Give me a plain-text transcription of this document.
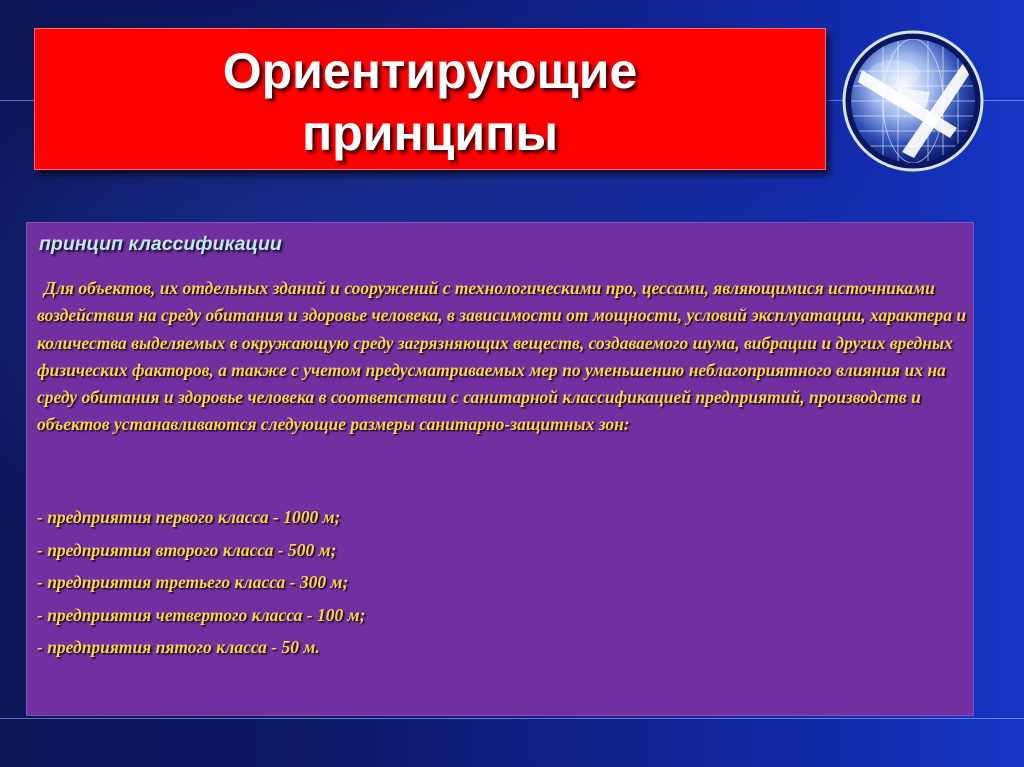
Ориентирующие
принципы
принцип классификации

Для объектов, их отдельных зданий и сооружений с технологическими про, цессами, являющимися источниками воздействия на среду обитания и здоровье человека, в зависимости от мощности, условий эксплуатации, характера и количества выделяемых в окружающую среду загрязняющих веществ, создаваемого шума, вибрации и других вредных физических факторов, а также с учетом предусматриваемых мер по уменьшению неблагоприятного влияния их на среду обитания и здоровье человека в соответствии с санитарной классификацией предприятий, производств и объектов устанавливаются следующие размеры санитарно-защитных зон:

- предприятия первого класса - 1000 м;
- предприятия второго класса - 500 м;
- предприятия третьего класса - 300 м;
- предприятия четвертого класса - 100 м;
- предприятия пятого класса - 50 м.
